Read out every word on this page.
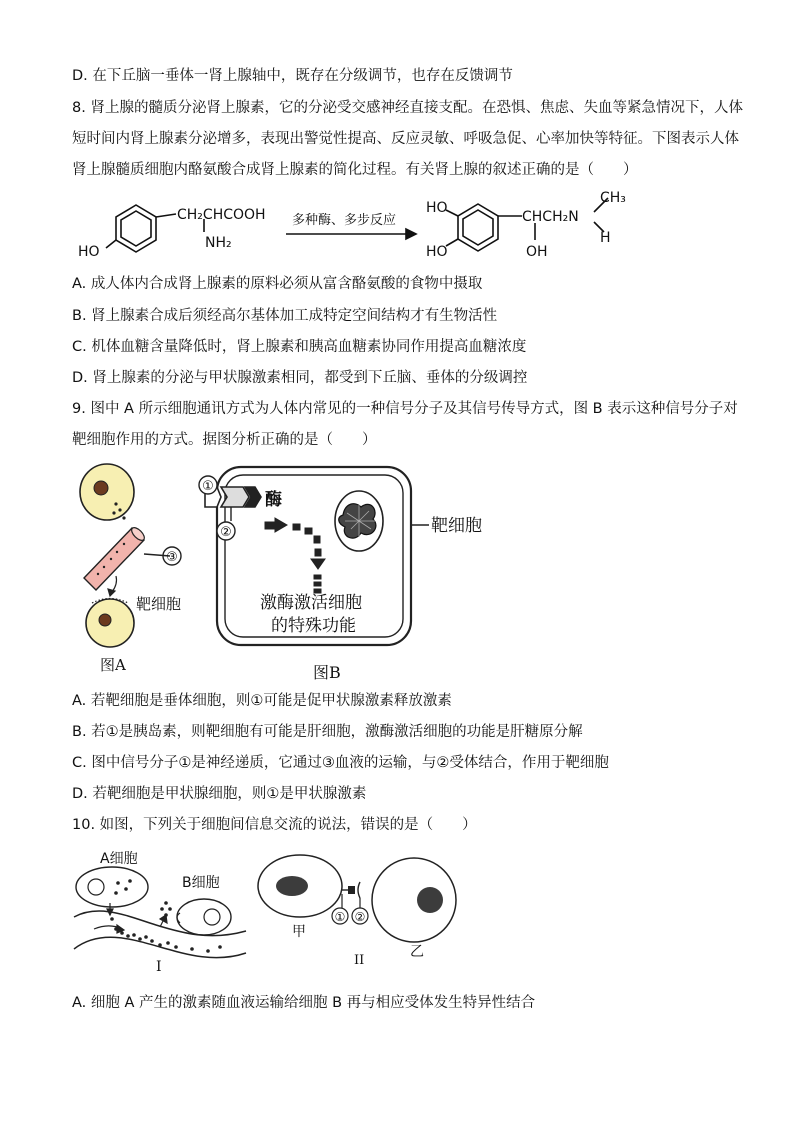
D. 在下丘脑一垂体一肾上腺轴中，既存在分级调节，也存在反馈调节
8. 肾上腺的髓质分泌肾上腺素，它的分泌受交感神经直接支配。在恐惧、焦虑、失血等紧急情况下，人体
短时间内肾上腺素分泌增多，表现出警觉性提高、反应灵敏、呼吸急促、心率加快等特征。下图表示人体
肾上腺髓质细胞内酪氨酸合成肾上腺素的简化过程。有关肾上腺的叙述正确的是（　　）
CH₂CHCOOH
NH₂
HO
多种酶、多步反应
HO
HO
CHCH₂N
OH
CH₃
H
A. 成人体内合成肾上腺素的原料必须从富含酪氨酸的食物中摄取
B. 肾上腺素合成后须经高尔基体加工成特定空间结构才有生物活性
C. 机体血糖含量降低时，肾上腺素和胰高血糖素协同作用提高血糖浓度
D. 肾上腺素的分泌与甲状腺激素相同，都受到下丘脑、垂体的分级调控
9. 图中 A 所示细胞通讯方式为人体内常见的一种信号分子及其信号传导方式，图 B 表示这种信号分子对
靶细胞作用的方式。据图分析正确的是（　　）
③
靶细胞
图A
①
②
酶
靶细胞
激酶激活细胞
的特殊功能
图B
A. 若靶细胞是垂体细胞，则①可能是促甲状腺激素释放激素
B. 若①是胰岛素，则靶细胞有可能是肝细胞，激酶激活细胞的功能是肝糖原分解
C. 图中信号分子①是神经递质，它通过③血液的运输，与②受体结合，作用于靶细胞
D. 若靶细胞是甲状腺细胞，则①是甲状腺激素
10. 如图，下列关于细胞间信息交流的说法，错误的是（　　）
A细胞
B细胞
I
① ②
甲
乙
II
A. 细胞 A 产生的激素随血液运输给细胞 B 再与相应受体发生特异性结合
